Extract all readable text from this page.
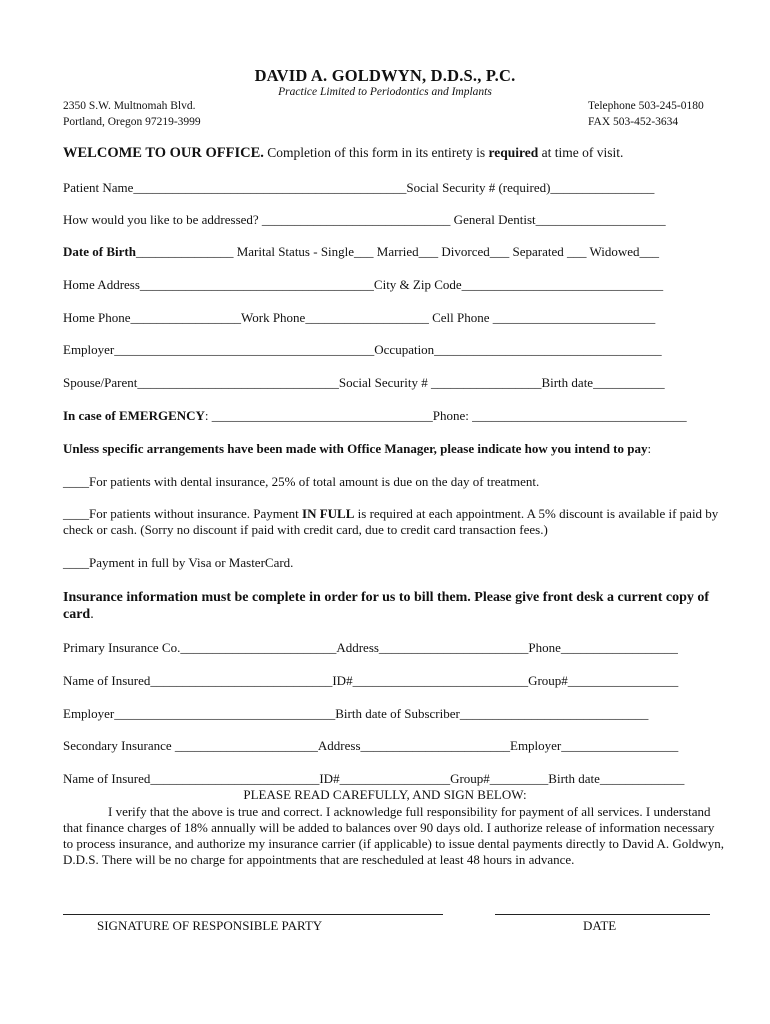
DAVID A. GOLDWYN, D.D.S., P.C.
Practice Limited to Periodontics and Implants
2350 S.W. Multnomah Blvd.
Portland, Oregon 97219-3999
Telephone 503-245-0180
FAX 503-452-3634
WELCOME TO OUR OFFICE. Completion of this form in its entirety is required at time of visit.
Patient Name__________________________________________Social Security # (required)________________
How would you like to be addressed? _____________________________ General Dentist____________________
Date of Birth_______________ Marital Status - Single___ Married___ Divorced___ Separated ___ Widowed___
Home Address____________________________________City & Zip Code_______________________________
Home Phone_________________Work Phone___________________ Cell Phone _________________________
Employer________________________________________Occupation___________________________________
Spouse/Parent_______________________________Social Security # _________________Birth date___________
In case of EMERGENCY: __________________________________Phone: _________________________________
Unless specific arrangements have been made with Office Manager, please indicate how you intend to pay:
____For patients with dental insurance, 25% of total amount is due on the day of treatment.
____For patients without insurance. Payment IN FULL is required at each appointment. A 5% discount is available if paid by check or cash. (Sorry no discount if paid with credit card, due to credit card transaction fees.)
____Payment in full by Visa or MasterCard.
Insurance information must be complete in order for us to bill them. Please give front desk a current copy of card.
Primary Insurance Co.________________________Address_______________________Phone__________________
Name of Insured____________________________ID#___________________________Group#_________________
Employer__________________________________Birth date of Subscriber_____________________________
Secondary Insurance ______________________Address_______________________Employer__________________
Name of Insured__________________________ID#_________________Group#_________Birth date_____________
PLEASE READ CAREFULLY, AND SIGN BELOW:
I verify that the above is true and correct. I acknowledge full responsibility for payment of all services. I understand that finance charges of 18% annually will be added to balances over 90 days old. I authorize release of information necessary to process insurance, and authorize my insurance carrier (if applicable) to issue dental payments directly to David A. Goldwyn, D.D.S. There will be no charge for appointments that are rescheduled at least 48 hours in advance.
SIGNATURE OF RESPONSIBLE PARTY	DATE
